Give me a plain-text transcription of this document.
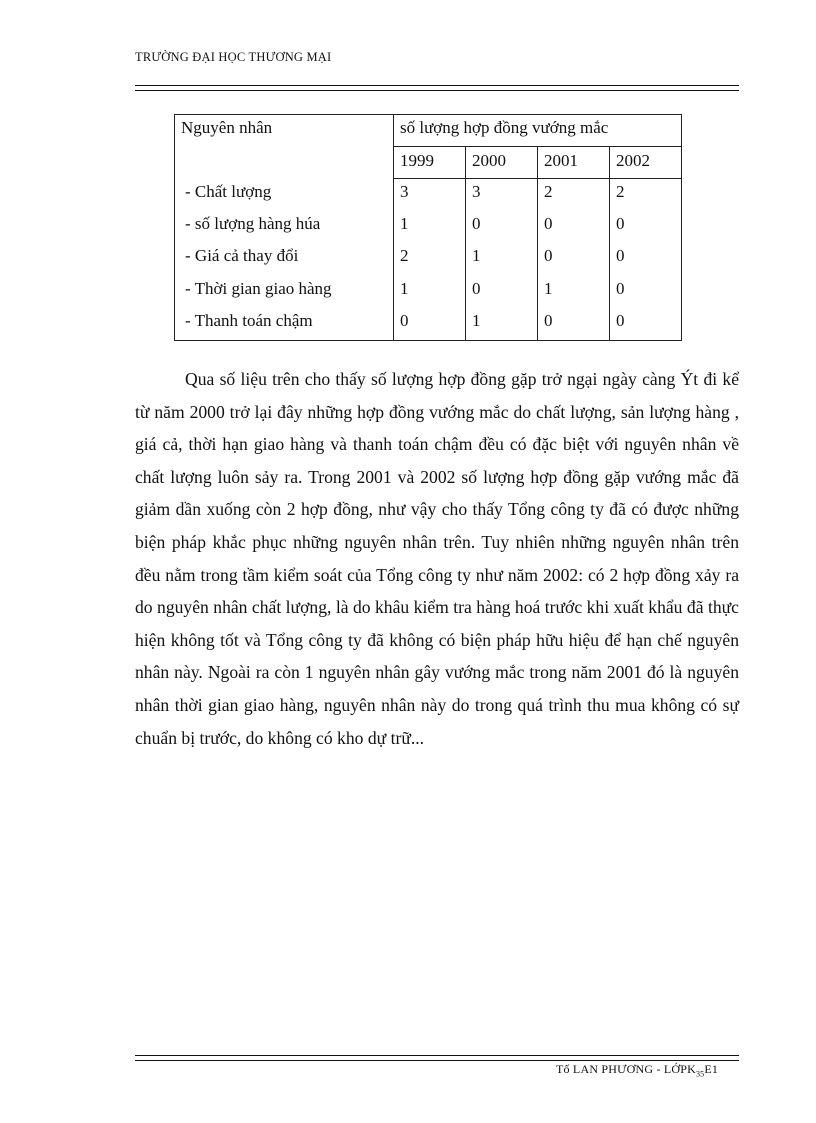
TRƯỜNG ĐẠI HỌC THƯƠNG MẠI
Nguyên nhân	số lượng hợp đồng vướng mắc			
	1999	2000	2001	2002
- Chất lượng	3	3	2	2
- số lượng hàng húa	1	0	0	0
- Giá cả thay đổi	2	1	0	0
- Thời gian giao hàng	1	0	1	0
- Thanh toán chậm	0	1	0	0

Qua số liệu trên cho thấy số lượng hợp đồng gặp trở ngại ngày càng Ýt đi kể từ năm 2000 trở lại đây những hợp đồng vướng mắc do chất lượng, sản lượng hàng , giá cả, thời hạn giao hàng và thanh toán chậm đều có đặc biệt với nguyên nhân về chất lượng luôn sảy ra. Trong 2001 và 2002 số lượng hợp đồng gặp vướng mắc đã giảm dần xuống còn 2 hợp đồng, như vậy cho thấy Tổng công ty đã có được những biện pháp khắc phục những nguyên nhân trên. Tuy nhiên những nguyên nhân trên đều nằm trong tầm kiểm soát của Tổng công ty như năm 2002: có 2 hợp đồng xảy ra do nguyên nhân chất lượng, là do khâu kiểm tra hàng hoá trước khi xuất khẩu đã thực hiện không tốt và Tổng công ty đã không có biện pháp hữu hiệu để hạn chế nguyên nhân này. Ngoài ra còn 1 nguyên nhân gây vướng mắc trong năm 2001 đó là nguyên nhân thời gian giao hàng, nguyên nhân này do trong quá trình thu mua không có sự chuẩn bị trước, do không có kho dự trữ...

Tố LAN PHƯƠNG - LỚPK$_{35}$E1
